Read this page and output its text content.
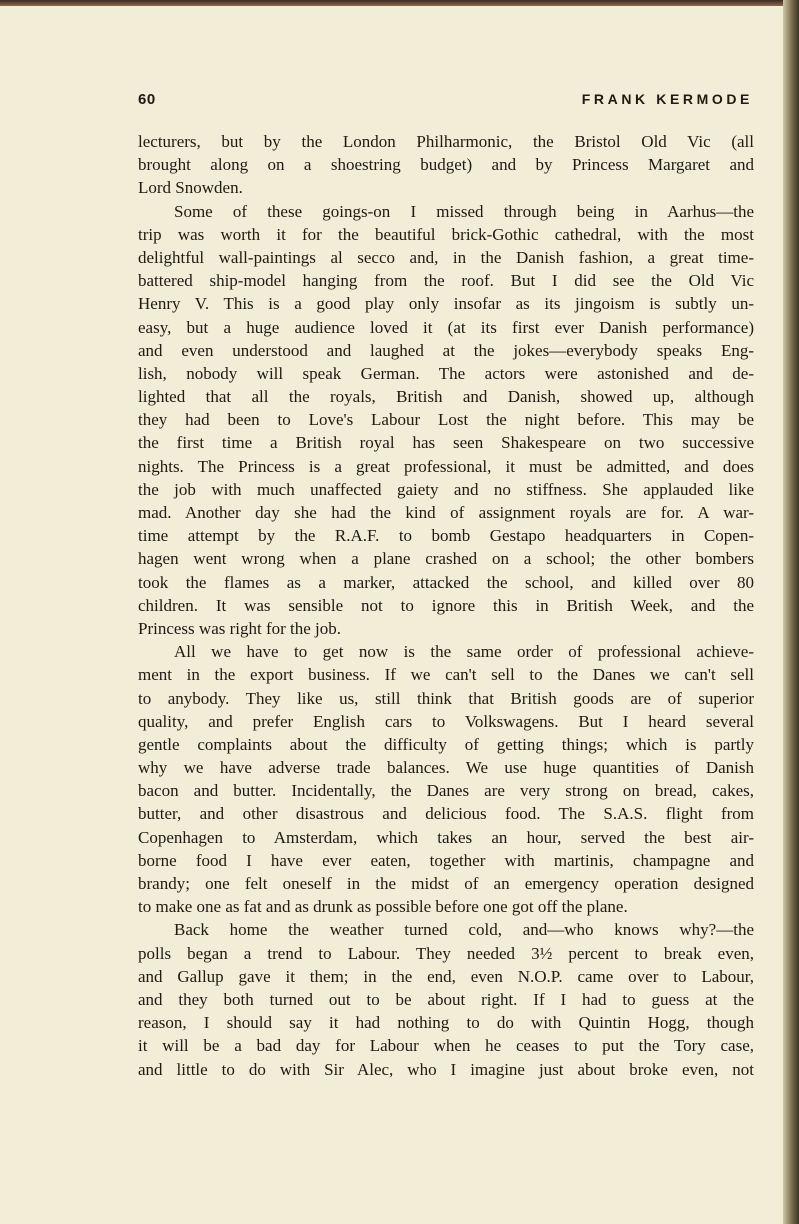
60	FRANK KERMODE
lecturers, but by the London Philharmonic, the Bristol Old Vic (all
brought along on a shoestring budget) and by Princess Margaret and
Lord Snowden.
Some of these goings-on I missed through being in Aarhus—the
trip was worth it for the beautiful brick-Gothic cathedral, with the most
delightful wall-paintings al secco and, in the Danish fashion, a great time-
battered ship-model hanging from the roof. But I did see the Old Vic
Henry V. This is a good play only insofar as its jingoism is subtly un-
easy, but a huge audience loved it (at its first ever Danish performance)
and even understood and laughed at the jokes—everybody speaks Eng-
lish, nobody will speak German. The actors were astonished and de-
lighted that all the royals, British and Danish, showed up, although
they had been to Love's Labour Lost the night before. This may be
the first time a British royal has seen Shakespeare on two successive
nights. The Princess is a great professional, it must be admitted, and does
the job with much unaffected gaiety and no stiffness. She applauded like
mad. Another day she had the kind of assignment royals are for. A war-
time attempt by the R.A.F. to bomb Gestapo headquarters in Copen-
hagen went wrong when a plane crashed on a school; the other bombers
took the flames as a marker, attacked the school, and killed over 80
children. It was sensible not to ignore this in British Week, and the
Princess was right for the job.
All we have to get now is the same order of professional achieve-
ment in the export business. If we can't sell to the Danes we can't sell
to anybody. They like us, still think that British goods are of superior
quality, and prefer English cars to Volkswagens. But I heard several
gentle complaints about the difficulty of getting things; which is partly
why we have adverse trade balances. We use huge quantities of Danish
bacon and butter. Incidentally, the Danes are very strong on bread, cakes,
butter, and other disastrous and delicious food. The S.A.S. flight from
Copenhagen to Amsterdam, which takes an hour, served the best air-
borne food I have ever eaten, together with martinis, champagne and
brandy; one felt oneself in the midst of an emergency operation designed
to make one as fat and as drunk as possible before one got off the plane.
Back home the weather turned cold, and—who knows why?—the
polls began a trend to Labour. They needed 3½ percent to break even,
and Gallup gave it them; in the end, even N.O.P. came over to Labour,
and they both turned out to be about right. If I had to guess at the
reason, I should say it had nothing to do with Quintin Hogg, though
it will be a bad day for Labour when he ceases to put the Tory case,
and little to do with Sir Alec, who I imagine just about broke even, not
